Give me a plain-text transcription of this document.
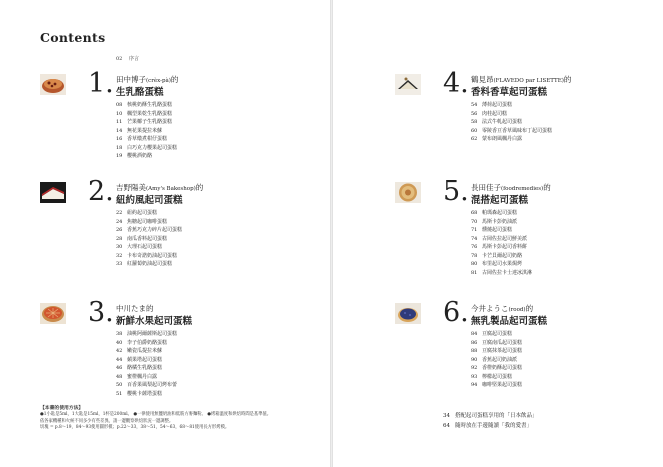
Contents
02 序言
1. 田中博子(crèx-pà)的
生乳酪蛋糕
08 核桃奶酥生乳酪蛋糕
10 楓型果乾生乳酪蛋糕
11 芒果椰子生乳酪蛋糕
14 無花果提拉米蘇
16 香草燉煮柑仔蛋糕
18 白巧克力櫻果起司蛋糕
19 櫻桃酒奶酪
2. 吉野陽美(Amy's Bakeshop)的
紐約風起司蛋糕
22 紐約起司蛋糕
24 焦糖起司咖啡蛋糕
26 香蕉巧克力碎片起司蛋糕
28 南瓜香料起司蛋糕
30 大理石起司蛋糕
32 卡布奇諾奶油起司蛋糕
33 紅蘿蔔奶油起司蛋糕
3. 中川たま的
新鮮水果起司蛋糕
38 油桃阿爾薩斯起司蛋糕
40 李子伯爵奶酪蛋糕
42 嫩瓷瓜提拉米蘇
44 蘋果塔起司蛋糕
46 酪橘生乳酪蛋糕
48 蜜橙楓丹白露
50 百香果風梨起司烤布蕾
51 櫻桃卡薩塔蛋糕
4. 鶴見昂(FLAVEDO par LISETTE)的
香料香草起司蛋糕
54 薄荷起司蛋糕
56 肉桂起司糕
58 法式牛軋起司蛋糕
60 零陵香豆香草風味布丁起司蛋糕
62 蒙布朗風楓丹白露
5. 長田佳子(foodremedies)的
混搭起司蛋糕
68 帕瑪森起司蛋糕
70 馬斯卡彭奶油派
71 燻燒起司蛋糕
74 古岡佐拉起司鮮美派
76 馬斯卡彭起司香料餅
78 卡芒貝爾起司奶酪
80 布里起司水果焗烤
81 古岡佐拉卡士達冰淇淋
6. 今井ようこ(rood)的
無乳製品起司蛋糕
84 豆腐起司蛋糕
86 豆腐南瓜起司蛋糕
88 豆腐抹茶起司蛋糕
90 香蕉起司奶油派
92 香橙奶酥起司蛋糕
93 檸檬起司蛋糕
94 咖啡堅果起司蛋糕
【本書的使用方法】
●1小匙是5ml，1大匙是15ml，1杯是200ml。 ●一律使用無鹽奶油和低筋方麥麵粉。 ●烤箱溫度和烘焙時間是基準值。
依各家機種和火候不同多少有些差異，請一邊觀察烘焙狀況一邊調整。
切塊 = p.8～19，84～93使用圓形模；p.22～33，38～51，54～63，68～81使用長方形烤模。
34 搭配起司蛋糕享用的「日本飲品」
64 隨時放在手邊隨讀「我的愛書」
